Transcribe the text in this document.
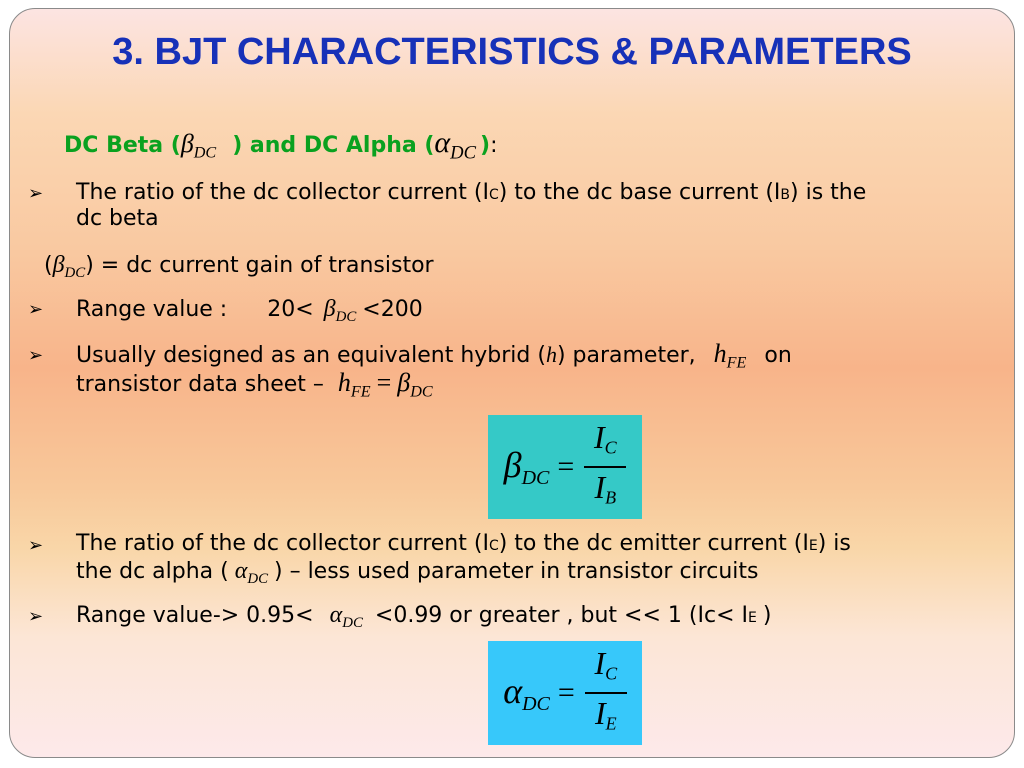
3. BJT CHARACTERISTICS & PARAMETERS
DC Beta ($\beta_{DC}$ ) and DC Alpha ($\alpha_{DC}$ ):
➢ The ratio of the dc collector current (IC) to the dc base current (IB) is the
dc beta
$(\beta_{DC})$ = dc current gain of transistor
➢ Range value : $20< \beta_{DC} <200$
➢ Usually designed as an equivalent hybrid (h) parameter, $h_{FE}$ on
transistor data sheet – $h_{FE} = \beta_{DC}$
$\beta_{DC} = \frac{I_C}{I_B}$
➢ The ratio of the dc collector current (IC) to the dc emitter current (IE) is
the dc alpha ( $\alpha_{DC}$ ) – less used parameter in transistor circuits
➢ Range value-> $0.95< \alpha_{DC} <0.99$ or greater , but << 1 (Ic< IE )
$\alpha_{DC} = \frac{I_C}{I_E}$
